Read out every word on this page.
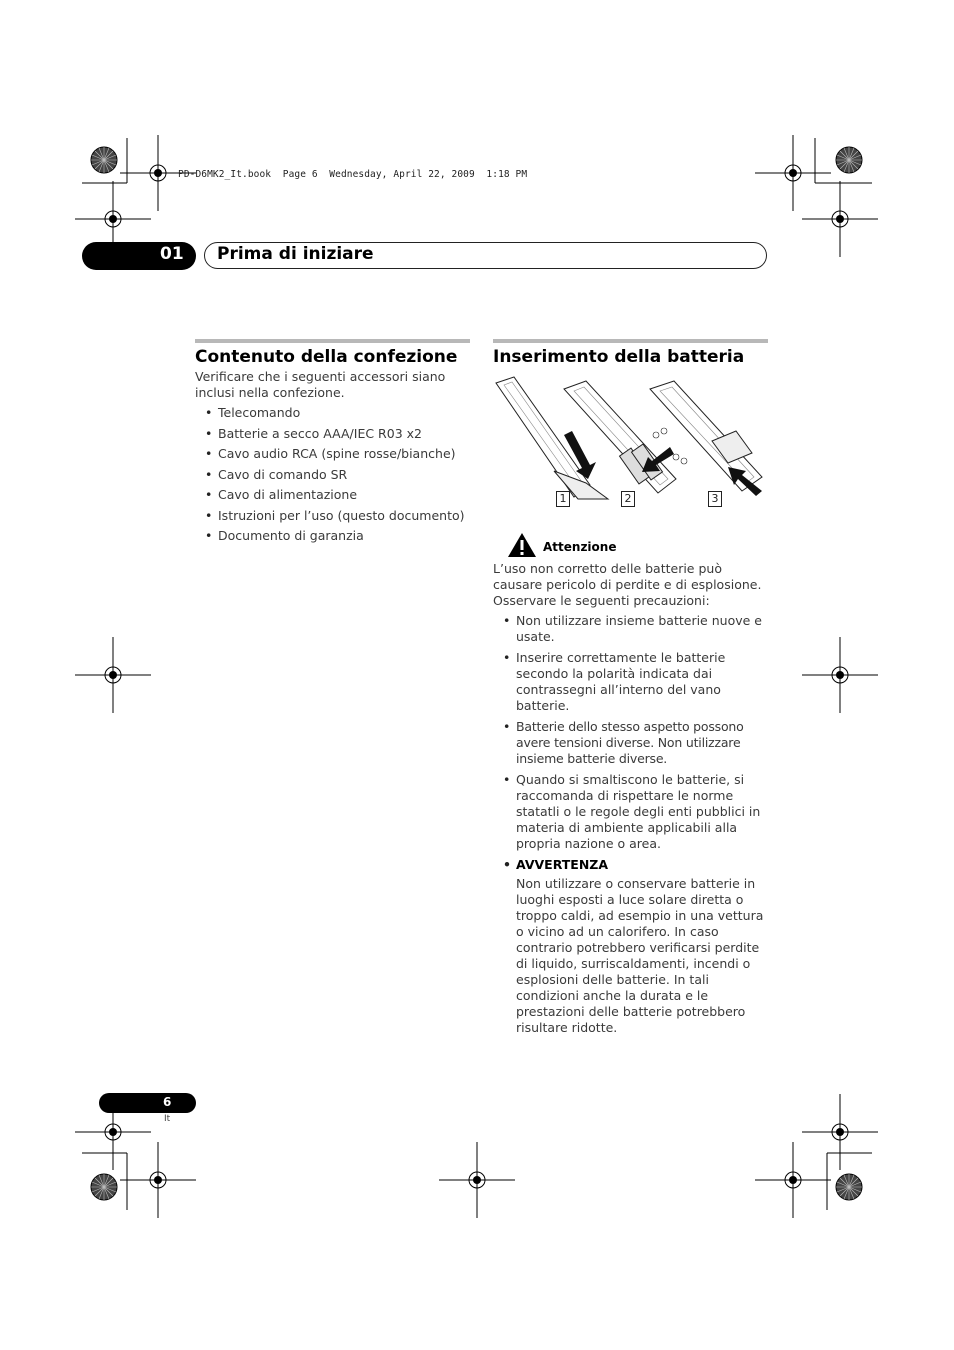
PD-D6MK2_It.book  Page 6  Wednesday, April 22, 2009  1:18 PM
01 Prima di iniziare
Contenuto della confezione
Verificare che i seguenti accessori siano inclusi nella confezione.
• Telecomando
• Batterie a secco AAA/IEC R03 x2
• Cavo audio RCA (spine rosse/bianche)
• Cavo di comando SR
• Cavo di alimentazione
• Istruzioni per l’uso (questo documento)
• Documento di garanzia
Inserimento della batteria
1	2	3
Attenzione
L’uso non corretto delle batterie può causare pericolo di perdite e di esplosione. Osservare le seguenti precauzioni:
• Non utilizzare insieme batterie nuove e usate.
• Inserire correttamente le batterie secondo la polarità indicata dai contrassegni all’interno del vano batterie.
• Batterie dello stesso aspetto possono avere tensioni diverse. Non utilizzare insieme batterie diverse.
• Quando si smaltiscono le batterie, si raccomanda di rispettare le norme statatli o le regole degli enti pubblici in materia di ambiente applicabili alla propria nazione o area.
• AVVERTENZA
Non utilizzare o conservare batterie in luoghi esposti a luce solare diretta o troppo caldi, ad esempio in una vettura o vicino ad un calorifero. In caso contrario potrebbero verificarsi perdite di liquido, surriscaldamenti, incendi o esplosioni delle batterie. In tali condizioni anche la durata e le prestazioni delle batterie potrebbero risultare ridotte.
6
It
